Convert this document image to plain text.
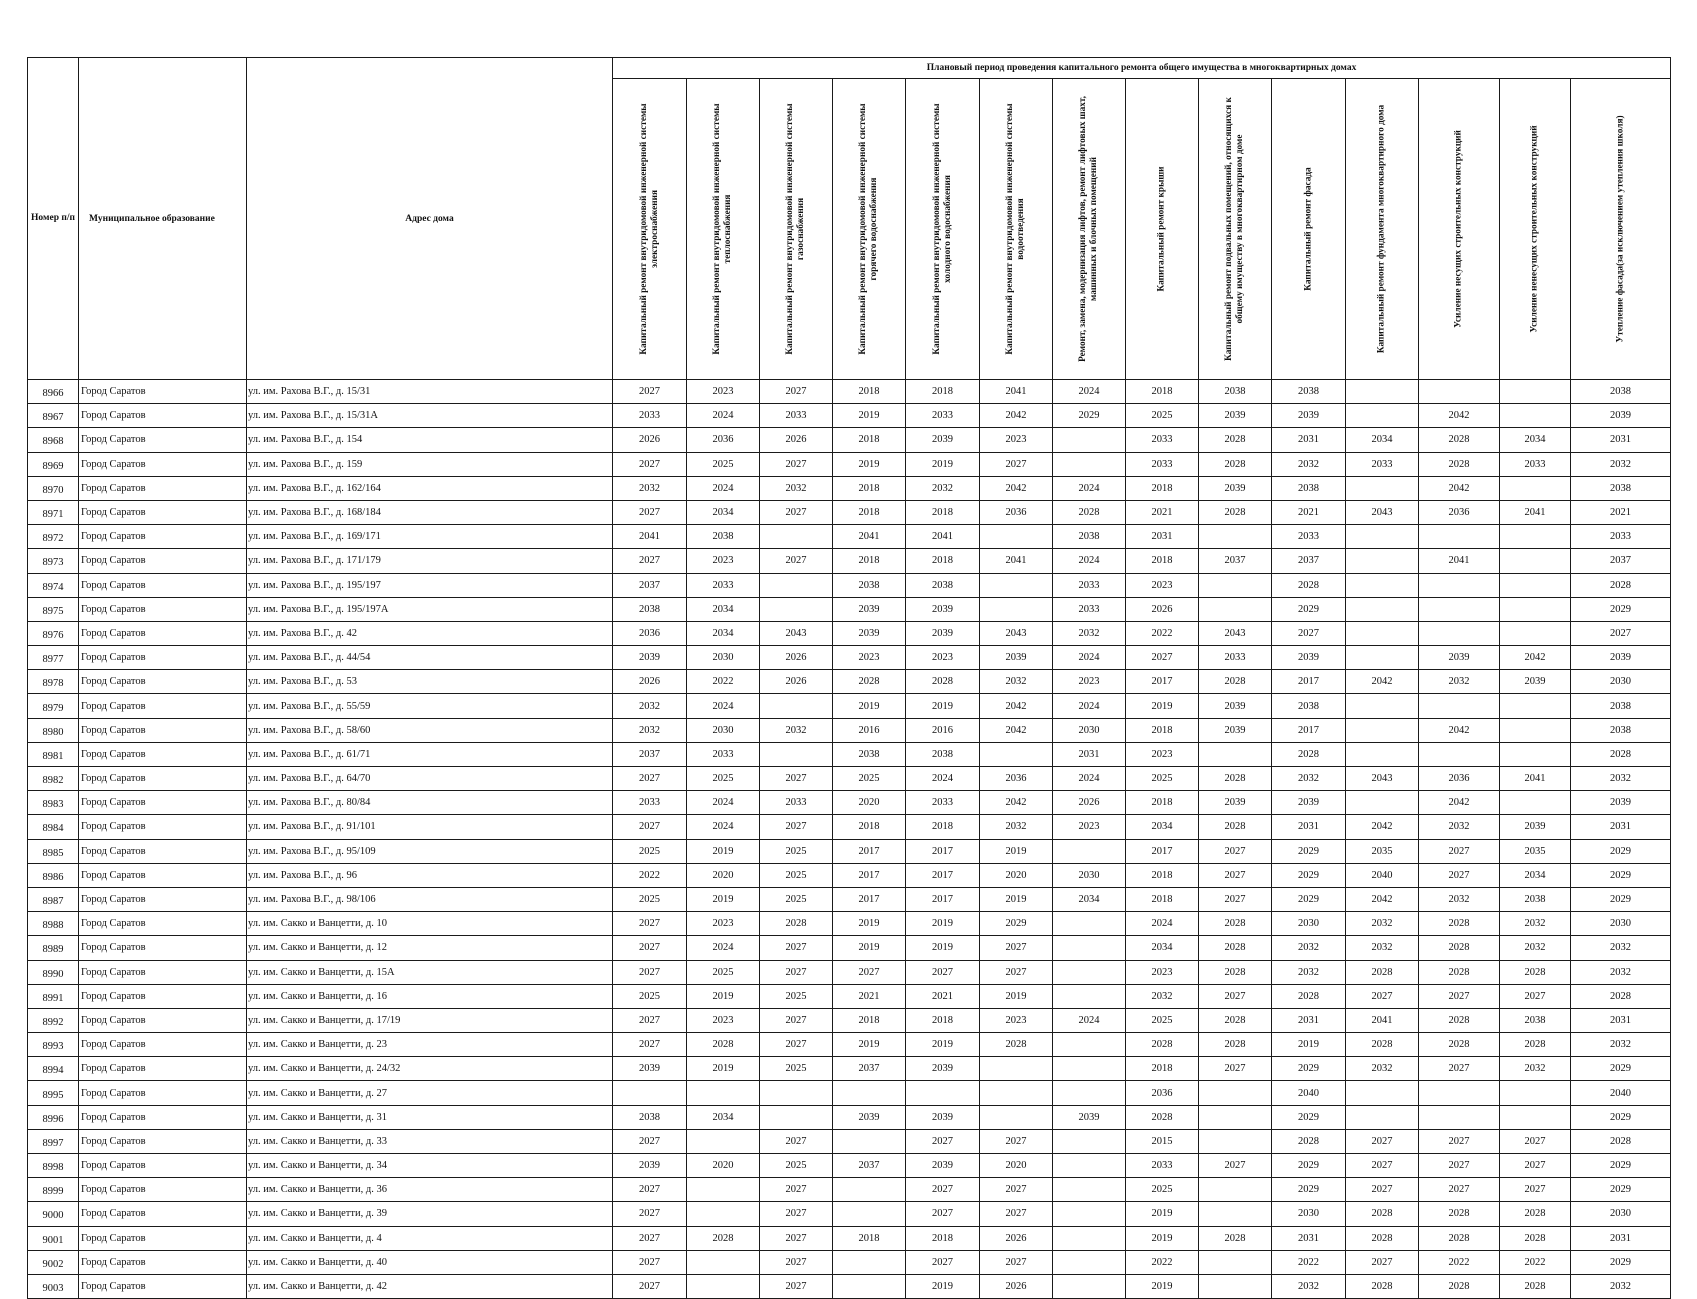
Номер п/п	Муниципальное образование	Адрес дома	Плановый период проведения капитального ремонта общего имущества в многоквартирных домах													

			Капитальный ремонт внутридомовой инженерной системы электроснабжения	Капитальный ремонт внутридомовой инженерной системы теплоснабжения	Капитальный ремонт внутридомовой инженерной системы газоснабжения	Капитальный ремонт внутридомовой инженерной системы горячего водоснабжения	Капитальный ремонт внутридомовой инженерной системы холодного водоснабжения	Капитальный ремонт внутридомовой инженерной системы водоотведения	Ремонт, замена, модернизация лифтов, ремонт лифтовых шахт, машинных и блочных помещений	Капитальный ремонт крыши	Капитальный ремонт подвальных помещений, относящихся к общему имуществу в многоквартирном доме	Капитальный ремонт фасада	Капитальный ремонт фундамента многоквартирного дома	Усиление несущих строительных конструкций	Усиление ненесущих строительных конструкций	Утепление фасада(за исключением утепления школя)

8966	Город Саратов	ул. им. Рахова В.Г., д. 15/31	2027	2023	2027	2018	2018	2041	2024	2018	2038	2038				2038
8967	Город Саратов	ул. им. Рахова В.Г., д. 15/31А	2033	2024	2033	2019	2033	2042	2029	2025	2039	2039		2042		2039
8968	Город Саратов	ул. им. Рахова В.Г., д. 154	2026	2036	2026	2018	2039	2023		2033	2028	2031	2034	2028	2034	2031
8969	Город Саратов	ул. им. Рахова В.Г., д. 159	2027	2025	2027	2019	2019	2027		2033	2028	2032	2033	2028	2033	2032
8970	Город Саратов	ул. им. Рахова В.Г., д. 162/164	2032	2024	2032	2018	2032	2042	2024	2018	2039	2038		2042		2038
8971	Город Саратов	ул. им. Рахова В.Г., д. 168/184	2027	2034	2027	2018	2018	2036	2028	2021	2028	2021	2043	2036	2041	2021
8972	Город Саратов	ул. им. Рахова В.Г., д. 169/171	2041	2038		2041	2041		2038	2031		2033				2033
8973	Город Саратов	ул. им. Рахова В.Г., д. 171/179	2027	2023	2027	2018	2018	2041	2024	2018	2037	2037		2041		2037
8974	Город Саратов	ул. им. Рахова В.Г., д. 195/197	2037	2033		2038	2038		2033	2023		2028				2028
8975	Город Саратов	ул. им. Рахова В.Г., д. 195/197А	2038	2034		2039	2039		2033	2026		2029				2029
8976	Город Саратов	ул. им. Рахова В.Г., д. 42	2036	2034	2043	2039	2039	2043	2032	2022	2043	2027				2027
8977	Город Саратов	ул. им. Рахова В.Г., д. 44/54	2039	2030	2026	2023	2023	2039	2024	2027	2033	2039		2039	2042	2039
8978	Город Саратов	ул. им. Рахова В.Г., д. 53	2026	2022	2026	2028	2028	2032	2023	2017	2028	2017	2042	2032	2039	2030
8979	Город Саратов	ул. им. Рахова В.Г., д. 55/59	2032	2024		2019	2019	2042	2024	2019	2039	2038				2038
8980	Город Саратов	ул. им. Рахова В.Г., д. 58/60	2032	2030	2032	2016	2016	2042	2030	2018	2039	2017		2042		2038
8981	Город Саратов	ул. им. Рахова В.Г., д. 61/71	2037	2033		2038	2038		2031	2023		2028				2028
8982	Город Саратов	ул. им. Рахова В.Г., д. 64/70	2027	2025	2027	2025	2024	2036	2024	2025	2028	2032	2043	2036	2041	2032
8983	Город Саратов	ул. им. Рахова В.Г., д. 80/84	2033	2024	2033	2020	2033	2042	2026	2018	2039	2039		2042		2039
8984	Город Саратов	ул. им. Рахова В.Г., д. 91/101	2027	2024	2027	2018	2018	2032	2023	2034	2028	2031	2042	2032	2039	2031
8985	Город Саратов	ул. им. Рахова В.Г., д. 95/109	2025	2019	2025	2017	2017	2019		2017	2027	2029	2035	2027	2035	2029
8986	Город Саратов	ул. им. Рахова В.Г., д. 96	2022	2020	2025	2017	2017	2020	2030	2018	2027	2029	2040	2027	2034	2029
8987	Город Саратов	ул. им. Рахова В.Г., д. 98/106	2025	2019	2025	2017	2017	2019	2034	2018	2027	2029	2042	2032	2038	2029
8988	Город Саратов	ул. им. Сакко и Ванцетти, д. 10	2027	2023	2028	2019	2019	2029		2024	2028	2030	2032	2028	2032	2030
8989	Город Саратов	ул. им. Сакко и Ванцетти, д. 12	2027	2024	2027	2019	2019	2027		2034	2028	2032	2032	2028	2032	2032
8990	Город Саратов	ул. им. Сакко и Ванцетти, д. 15А	2027	2025	2027	2027	2027	2027		2023	2028	2032	2028	2028	2028	2032
8991	Город Саратов	ул. им. Сакко и Ванцетти, д. 16	2025	2019	2025	2021	2021	2019		2032	2027	2028	2027	2027	2027	2028
8992	Город Саратов	ул. им. Сакко и Ванцетти, д. 17/19	2027	2023	2027	2018	2018	2023	2024	2025	2028	2031	2041	2028	2038	2031
8993	Город Саратов	ул. им. Сакко и Ванцетти, д. 23	2027	2028	2027	2019	2019	2028		2028	2028	2019	2028	2028	2028	2032
8994	Город Саратов	ул. им. Сакко и Ванцетти, д. 24/32	2039	2019	2025	2037	2039			2018	2027	2029	2032	2027	2032	2029
8995	Город Саратов	ул. им. Сакко и Ванцетти, д. 27								2036		2040				2040
8996	Город Саратов	ул. им. Сакко и Ванцетти, д. 31	2038	2034		2039	2039		2039	2028		2029				2029
8997	Город Саратов	ул. им. Сакко и Ванцетти, д. 33	2027		2027		2027	2027		2015		2028	2027	2027	2027	2028
8998	Город Саратов	ул. им. Сакко и Ванцетти, д. 34	2039	2020	2025	2037	2039	2020		2033	2027	2029	2027	2027	2027	2029
8999	Город Саратов	ул. им. Сакко и Ванцетти, д. 36	2027		2027		2027	2027		2025		2029	2027	2027	2027	2029
9000	Город Саратов	ул. им. Сакко и Ванцетти, д. 39	2027		2027		2027	2027		2019		2030	2028	2028	2028	2030
9001	Город Саратов	ул. им. Сакко и Ванцетти, д. 4	2027	2028	2027	2018	2018	2026		2019	2028	2031	2028	2028	2028	2031
9002	Город Саратов	ул. им. Сакко и Ванцетти, д. 40	2027		2027		2027	2027		2022		2022	2027	2022	2022	2029
9003	Город Саратов	ул. им. Сакко и Ванцетти, д. 42	2027		2027		2019	2026		2019		2032	2028	2028	2028	2032
